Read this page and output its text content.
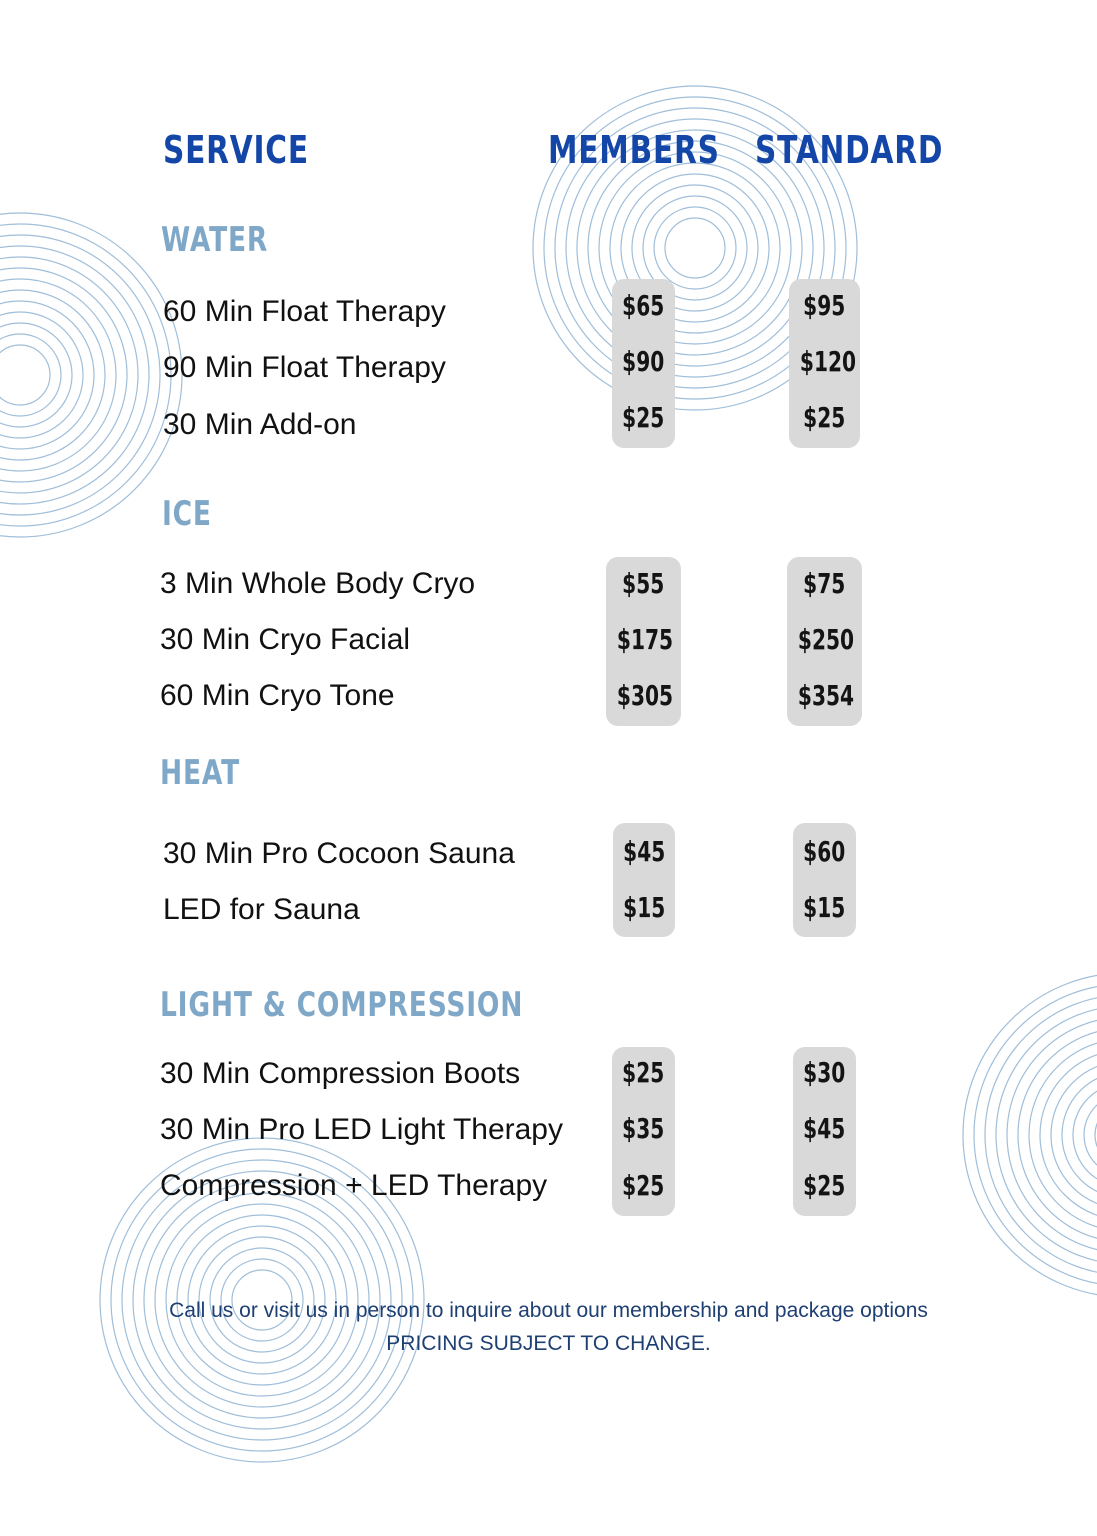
SERVICE	MEMBERS STANDARD
WATER

60 Min Float Therapy	$65	$95

90 Min Float Therapy	$90	$120

30 Min Add-on	$25	$25
ICE

3 Min Whole Body Cryo	$55	$75

30 Min Cryo Facial	$175	$250

60 Min Cryo Tone	$305	$354
HEAT

30 Min Pro Cocoon Sauna	$45	$60

LED for Sauna	$15	$15
LIGHT & COMPRESSION

30 Min Compression Boots	$25	$30

30 Min Pro LED Light Therapy	$35	$45

Compression + LED Therapy	$25	$25

Call us or visit us in person to inquire about our membership and package options

PRICING SUBJECT TO CHANGE.
